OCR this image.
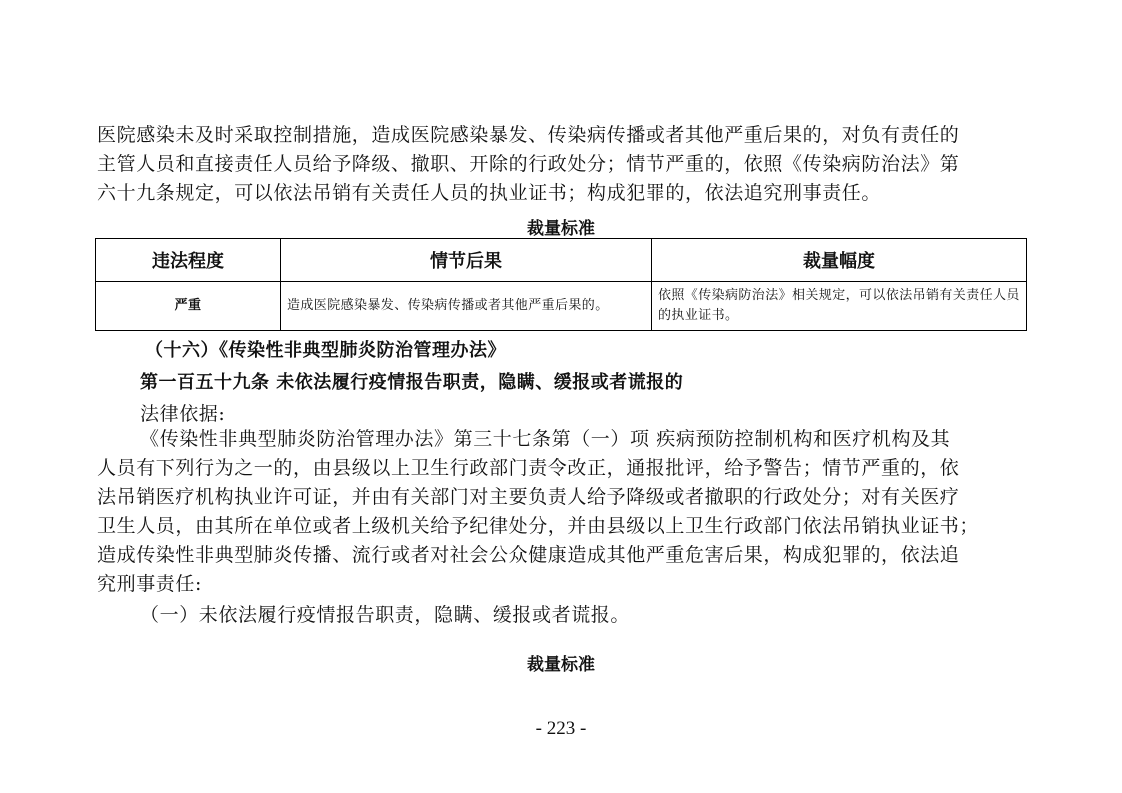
医院感染未及时采取控制措施，造成医院感染暴发、传染病传播或者其他严重后果的，对负有责任的
主管人员和直接责任人员给予降级、撤职、开除的行政处分；情节严重的，依照《传染病防治法》第
六十九条规定，可以依法吊销有关责任人员的执业证书；构成犯罪的，依法追究刑事责任。
裁量标准
违法程度	情节后果	裁量幅度
严重	造成医院感染暴发、传染病传播或者其他严重后果的。	依照《传染病防治法》相关规定，可以依法吊销有关责任人员的执业证书。
（十六）《传染性非典型肺炎防治管理办法》
第一百五十九条 未依法履行疫情报告职责，隐瞒、缓报或者谎报的
法律依据:
《传染性非典型肺炎防治管理办法》第三十七条第（一）项 疾病预防控制机构和医疗机构及其
人员有下列行为之一的，由县级以上卫生行政部门责令改正，通报批评，给予警告；情节严重的，依
法吊销医疗机构执业许可证，并由有关部门对主要负责人给予降级或者撤职的行政处分；对有关医疗
卫生人员，由其所在单位或者上级机关给予纪律处分，并由县级以上卫生行政部门依法吊销执业证书；
造成传染性非典型肺炎传播、流行或者对社会公众健康造成其他严重危害后果，构成犯罪的，依法追
究刑事责任:
（一）未依法履行疫情报告职责，隐瞒、缓报或者谎报。
裁量标准
- 223 -
